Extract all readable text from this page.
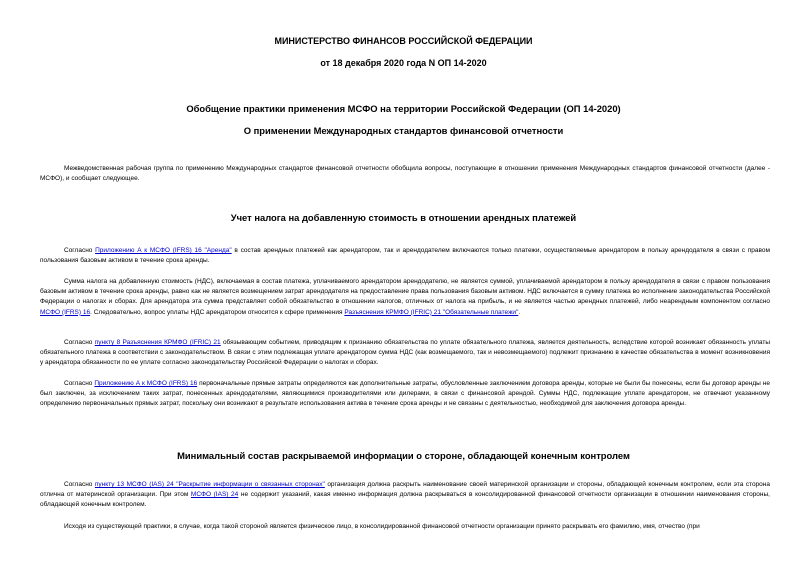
МИНИСТЕРСТВО ФИНАНСОВ РОССИЙСКОЙ ФЕДЕРАЦИИ
от 18 декабря 2020 года N ОП 14-2020
Обобщение практики применения МСФО на территории Российской Федерации (ОП 14-2020)
О применении Международных стандартов финансовой отчетности
Межведомственная рабочая группа по применению Международных стандартов финансовой отчетности обобщила вопросы, поступающие в отношении применения Международных стандартов финансовой отчетности (далее - МСФО), и сообщает следующее.
Учет налога на добавленную стоимость в отношении арендных платежей
Согласно Приложению А к МСФО (IFRS) 16 "Аренда" в состав арендных платежей как арендатором, так и арендодателем включаются только платежи, осуществляемые арендатором в пользу арендодателя в связи с правом пользования базовым активом в течение срока аренды.
Сумма налога на добавленную стоимость (НДС), включаемая в состав платежа, уплачиваемого арендатором арендодателю, не является суммой, уплачиваемой арендатором в пользу арендодателя в связи с правом пользования базовым активом в течение срока аренды, равно как не является возмещением затрат арендодателя на предоставление права пользования базовым активом. НДС включается в сумму платежа во исполнение законодательства Российской Федерации о налогах и сборах. Для арендатора эта сумма представляет собой обязательство в отношении налогов, отличных от налога на прибыль, и не является частью арендных платежей, либо неарендным компонентом согласно МСФО (IFRS) 16. Следовательно, вопрос уплаты НДС арендатором относится к сфере применения Разъяснения КРМФО (IFRIC) 21 "Обязательные платежи".
Согласно пункту 8 Разъяснения КРМФО (IFRIC) 21 обязывающим событием, приводящим к признанию обязательства по уплате обязательного платежа, является деятельность, вследствие которой возникает обязанность уплаты обязательного платежа в соответствии с законодательством. В связи с этим подлежащая уплате арендатором сумма НДС (как возмещаемого, так и невозмещаемого) подлежит признанию в качестве обязательства в момент возникновения у арендатора обязанности по ее уплате согласно законодательству Российской Федерации о налогах и сборах.
Согласно Приложению А к МСФО (IFRS) 16 первоначальные прямые затраты определяются как дополнительные затраты, обусловленные заключением договора аренды, которые не были бы понесены, если бы договор аренды не был заключен, за исключением таких затрат, понесенных арендодателями, являющимися производителями или дилерами, в связи с финансовой арендой. Суммы НДС, подлежащие уплате арендатором, не отвечают указанному определению первоначальных прямых затрат, поскольку они возникают в результате использования актива в течение срока аренды и не связаны с деятельностью, необходимой для заключения договора аренды.
Минимальный состав раскрываемой информации о стороне, обладающей конечным контролем
Согласно пункту 13 МСФО (IAS) 24 "Раскрытие информации о связанных сторонах" организация должна раскрыть наименование своей материнской организации и стороны, обладающей конечным контролем, если эта сторона отлична от материнской организации. При этом МСФО (IAS) 24 не содержит указаний, какая именно информация должна раскрываться в консолидированной финансовой отчетности организации в отношении наименования стороны, обладающей конечным контролем.
Исходя из существующей практики, в случае, когда такой стороной является физическое лицо, в консолидированной финансовой отчетности организации принято раскрывать его фамилию, имя, отчество (при
